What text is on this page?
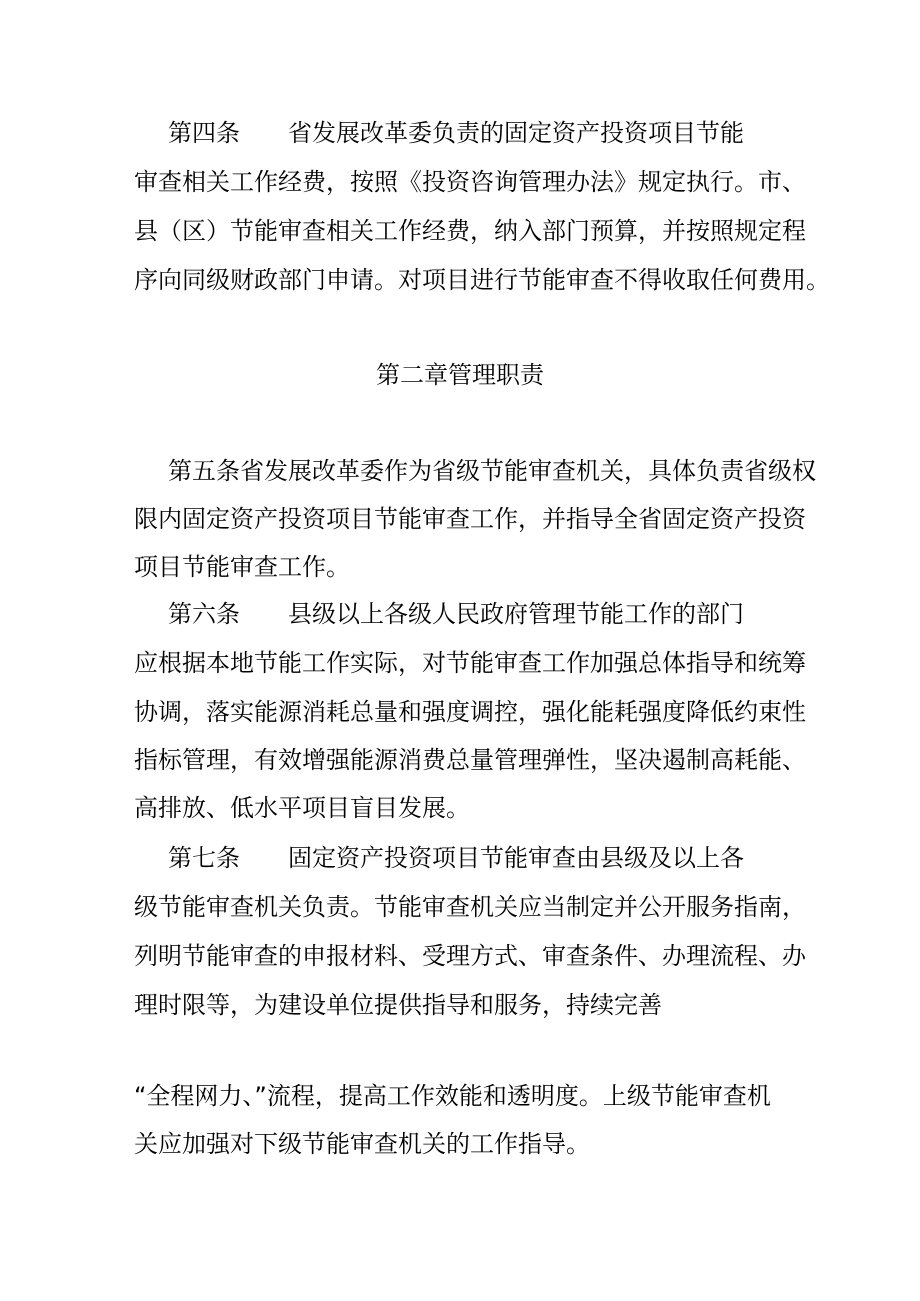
第四条 省发展改革委负责的固定资产投资项目节能
审查相关工作经费，按照《投资咨询管理办法》规定执行。市、
县（区）节能审查相关工作经费，纳入部门预算，并按照规定程
序向同级财政部门申请。对项目进行节能审查不得收取任何费用。
第二章管理职责
第五条省发展改革委作为省级节能审查机关，具体负责省级权
限内固定资产投资项目节能审查工作，并指导全省固定资产投资
项目节能审查工作。
第六条 县级以上各级人民政府管理节能工作的部门
应根据本地节能工作实际，对节能审查工作加强总体指导和统筹
协调，落实能源消耗总量和强度调控，强化能耗强度降低约束性
指标管理，有效增强能源消费总量管理弹性，坚决遏制高耗能、
高排放、低水平项目盲目发展。
第七条 固定资产投资项目节能审查由县级及以上各
级节能审查机关负责。节能审查机关应当制定并公开服务指南，
列明节能审查的申报材料、受理方式、审查条件、办理流程、办
理时限等，为建设单位提供指导和服务，持续完善
“全程网力、”流程，提高工作效能和透明度。上级节能审查机
关应加强对下级节能审查机关的工作指导。
